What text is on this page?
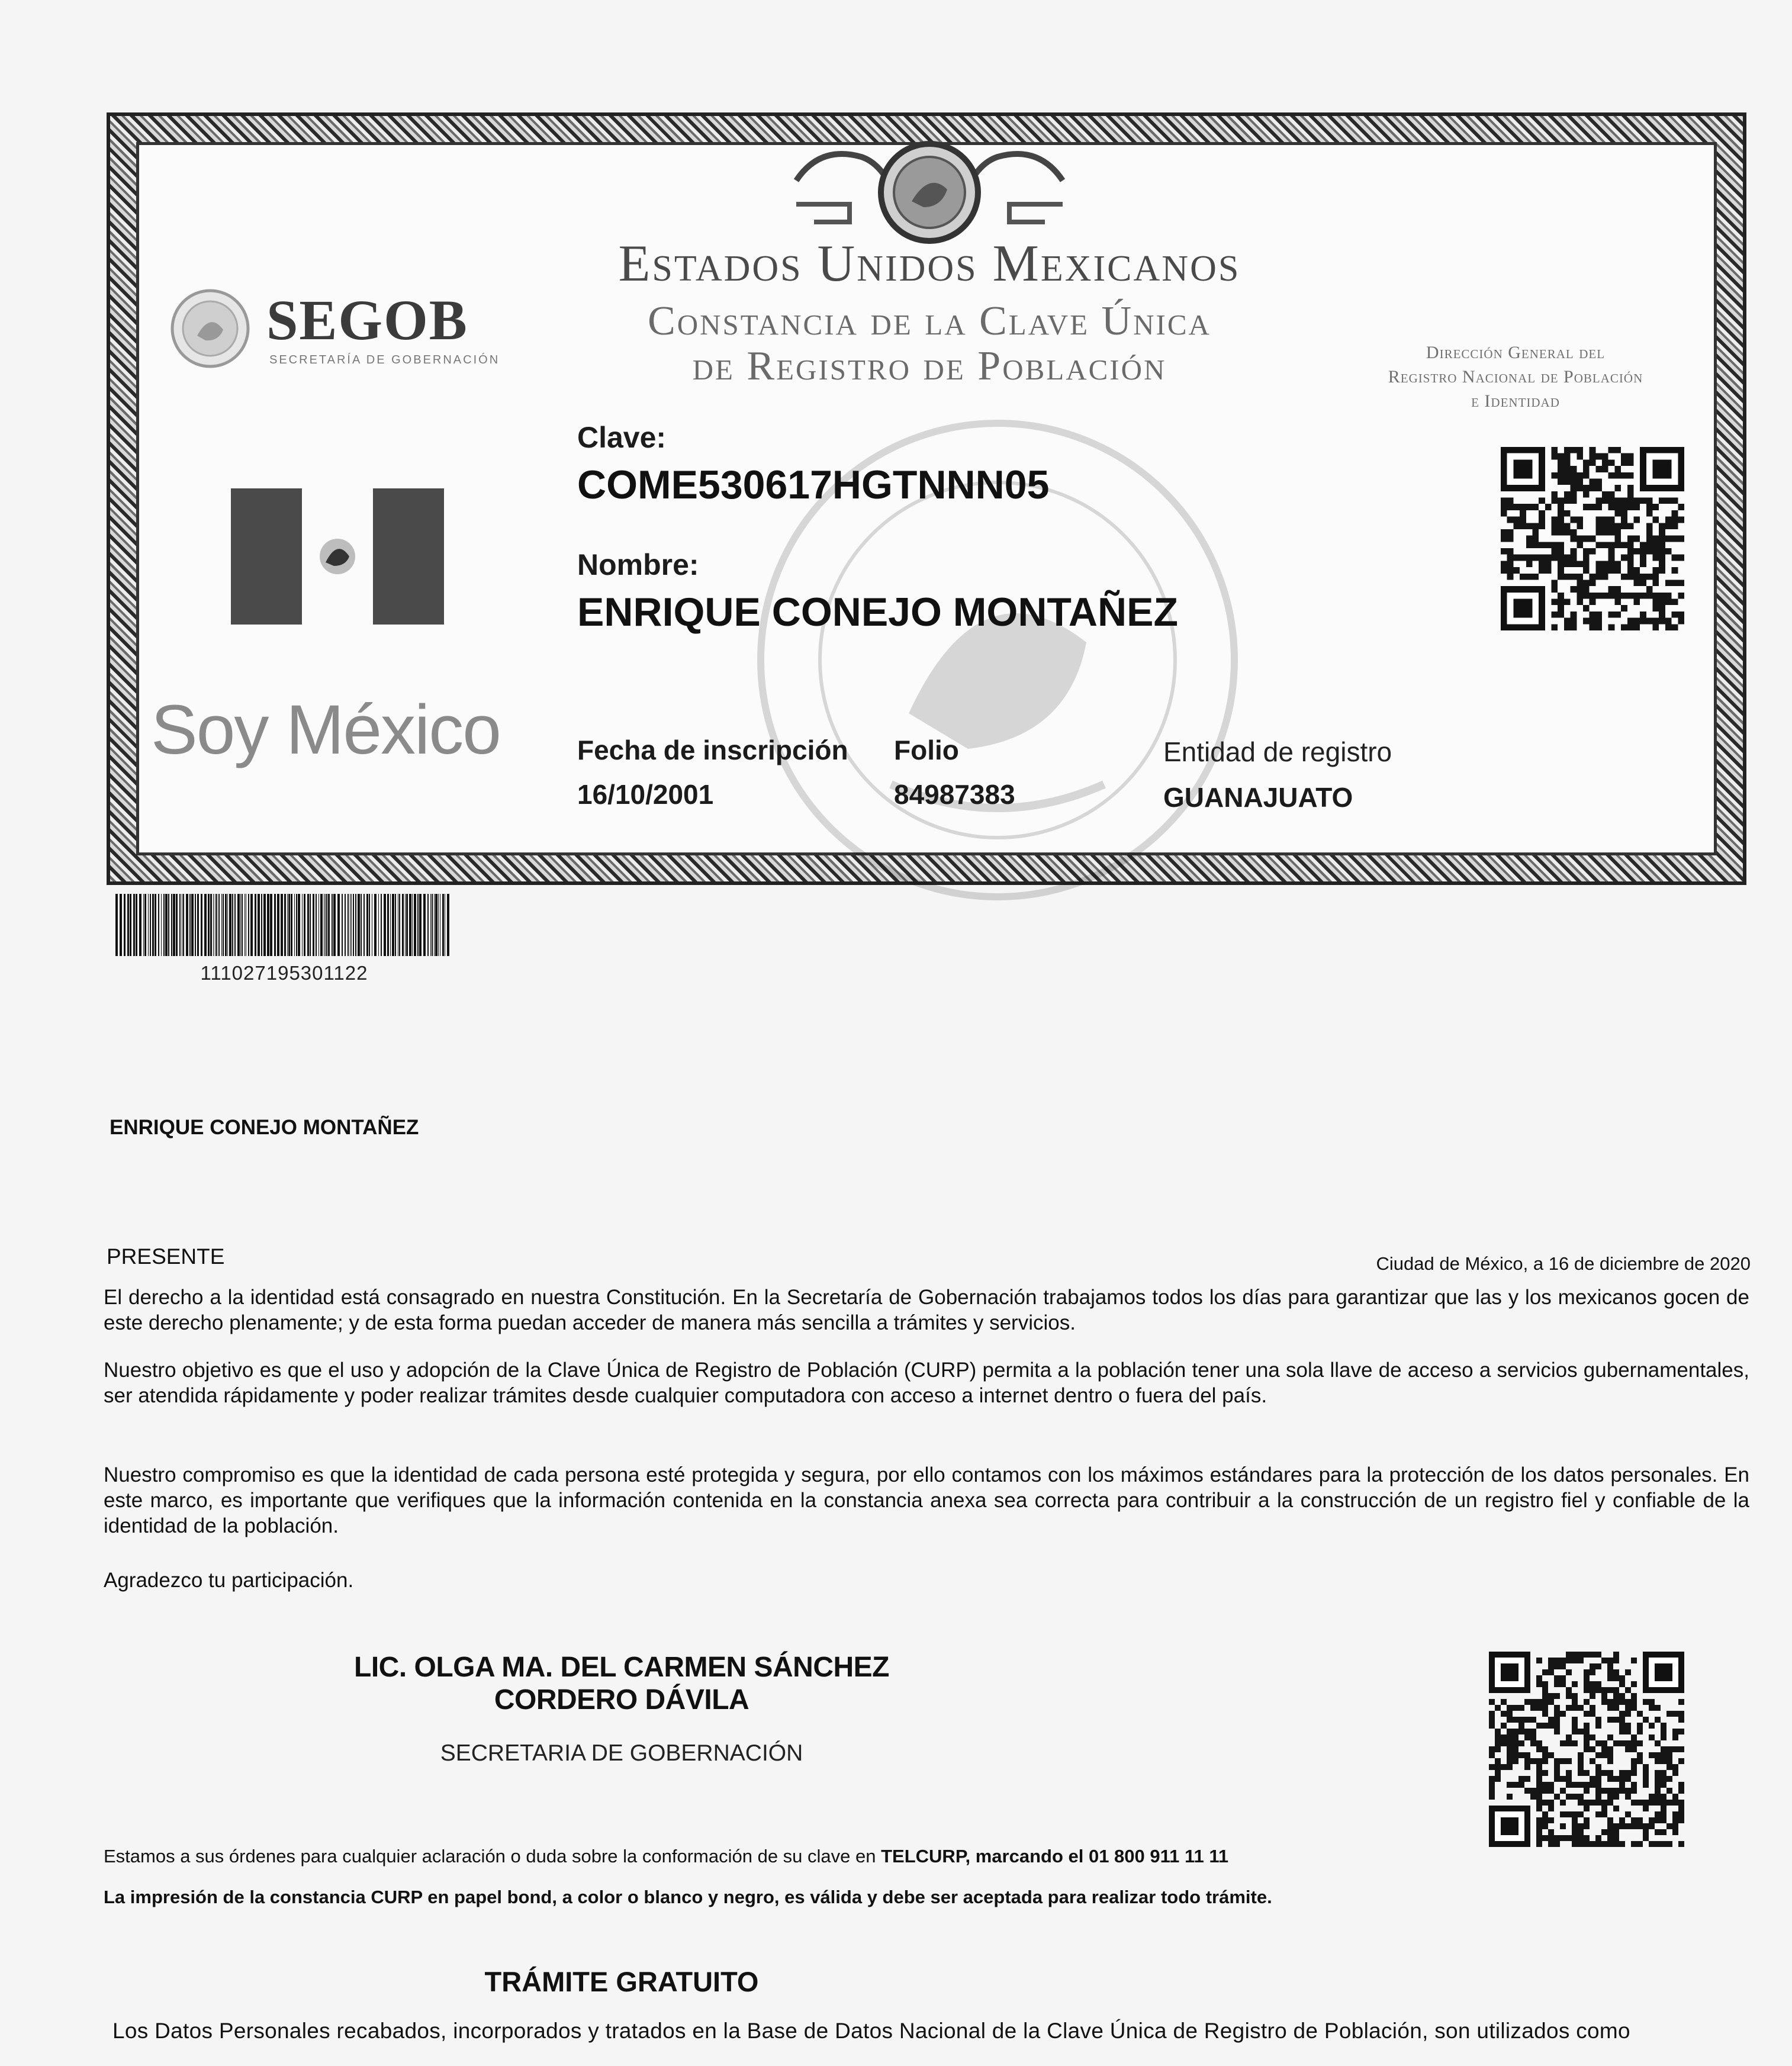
Estados Unidos Mexicanos
Constancia de la Clave Única
de Registro de Población
SEGOB
SECRETARÍA DE GOBERNACIÓN	Dirección General del
Registro Nacional de Población
e Identidad
Soy México
Clave:
COME530617HGTNNN05
Nombre:
ENRIQUE CONEJO MONTAÑEZ
Fecha de inscripción
16/10/2001
Folio
84987383
Entidad de registro
GUANAJUATO
111027195301122
ENRIQUE CONEJO MONTAÑEZ
PRESENTE	Ciudad de México, a 16 de diciembre de 2020
El derecho a la identidad está consagrado en nuestra Constitución. En la Secretaría de Gobernación trabajamos todos los días para garantizar que las y los mexicanos gocen de este derecho plenamente; y de esta forma puedan acceder de manera más sencilla a trámites y servicios.
Nuestro objetivo es que el uso y adopción de la Clave Única de Registro de Población (CURP) permita a la población tener una sola llave de acceso a servicios gubernamentales, ser atendida rápidamente y poder realizar trámites desde cualquier computadora con acceso a internet dentro o fuera del país.
Nuestro compromiso es que la identidad de cada persona esté protegida y segura, por ello contamos con los máximos estándares para la protección de los datos personales. En este marco, es importante que verifiques que la información contenida en la constancia anexa sea correcta para contribuir a la construcción de un registro fiel y confiable de la identidad de la población.
Agradezco tu participación.
LIC. OLGA MA. DEL CARMEN SÁNCHEZ CORDERO DÁVILA
SECRETARIA DE GOBERNACIÓN
Estamos a sus órdenes para cualquier aclaración o duda sobre la conformación de su clave en TELCURP, marcando el 01 800 911 11 11
La impresión de la constancia CURP en papel bond, a color o blanco y negro, es válida y debe ser aceptada para realizar todo trámite.
TRÁMITE GRATUITO
Los Datos Personales recabados, incorporados y tratados en la Base de Datos Nacional de la Clave Única de Registro de Población, son utilizados como
